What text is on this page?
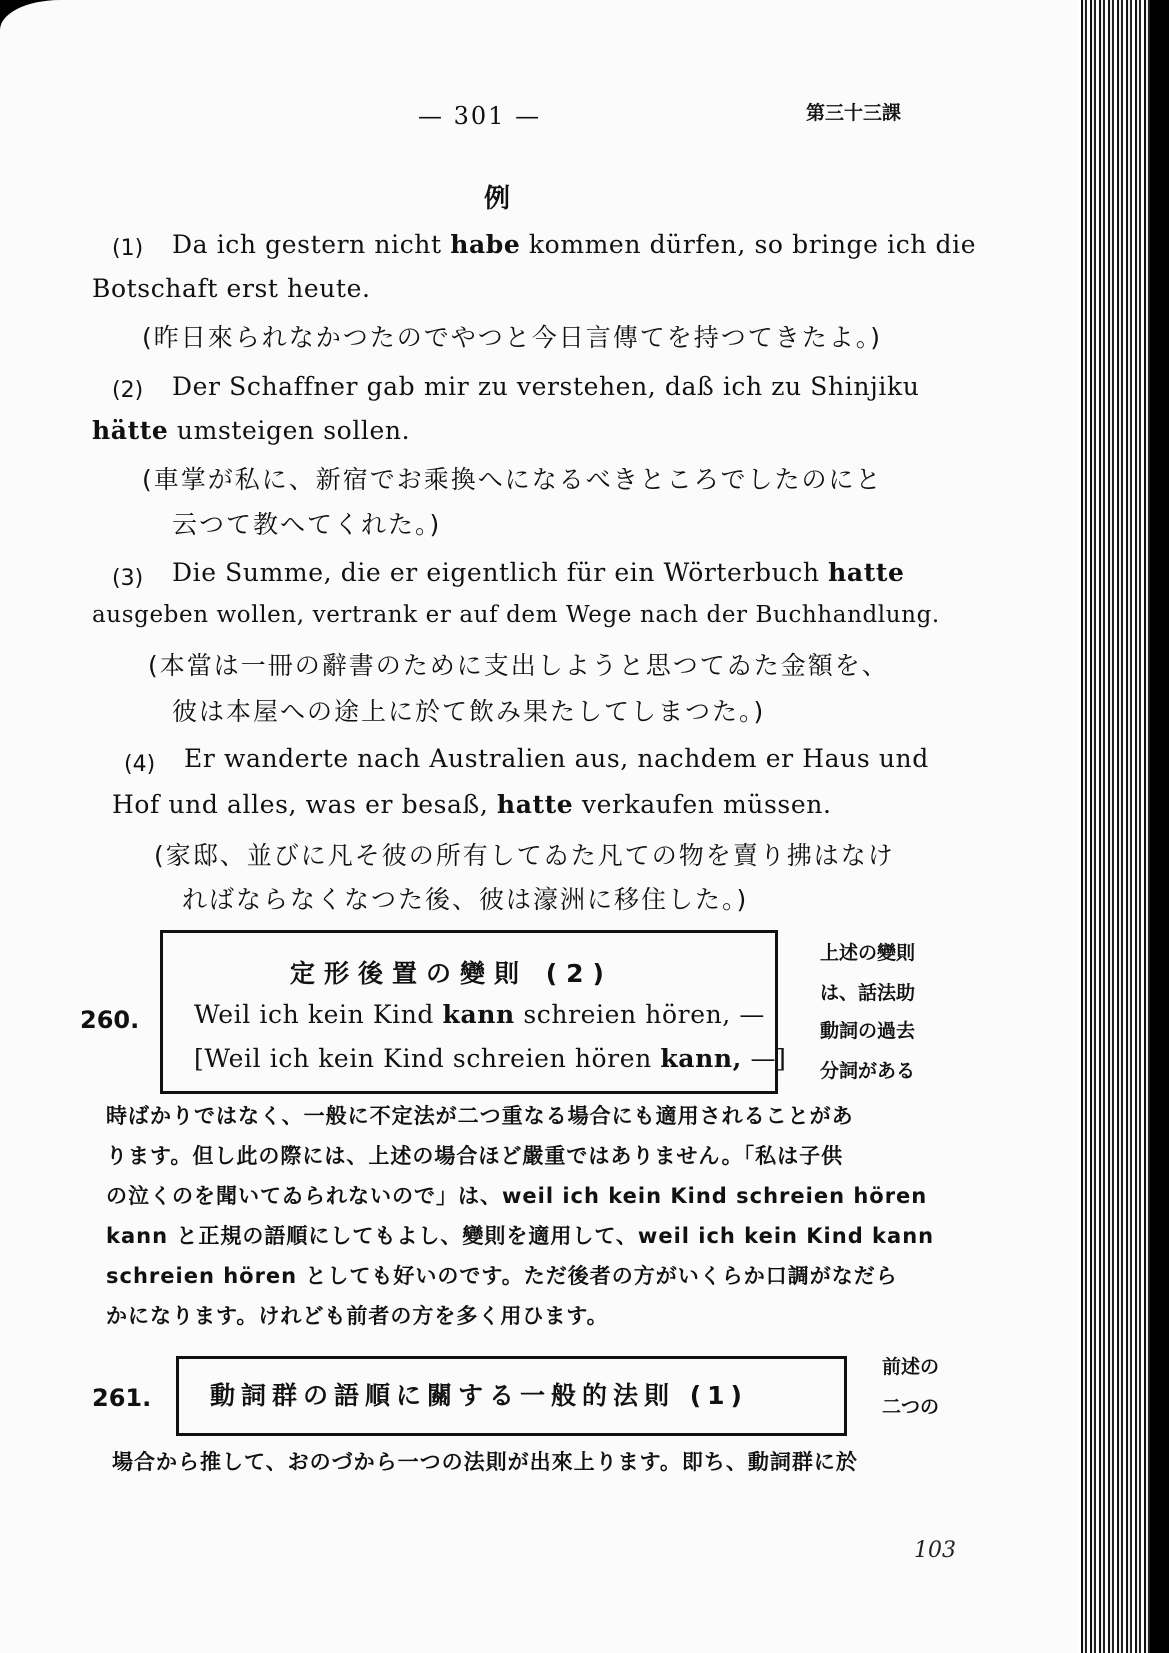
— 301 —	第三十三課
例
(1) Da ich gestern nicht habe kommen dürfen, so bringe ich die
Botschaft erst heute.
(昨日來られなかつたのでやつと今日言傳てを持つてきたよ。)
(2) Der Schaffner gab mir zu verstehen, daß ich zu Shinjiku
hätte umsteigen sollen.
(車掌が私に、新宿でお乘換へになるべきところでしたのにと
云つて教へてくれた。)
(3) Die Summe, die er eigentlich für ein Wörterbuch hatte
ausgeben wollen, vertrank er auf dem Wege nach der Buchhandlung.
(本當は一冊の辭書のために支出しようと思つてゐた金額を、
彼は本屋への途上に於て飲み果たしてしまつた。)
(4) Er wanderte nach Australien aus, nachdem er Haus und
Hof und alles, was er besaß, hatte verkaufen müssen.
(家邸、並びに凡そ彼の所有してゐた凡ての物を賣り拂はなけ
ればならなくなつた後、彼は濠洲に移住した。)
260.
定形後置の變則 (2)
Weil ich kein Kind kann schreien hören, —
[Weil ich kein Kind schreien hören kann, —]
上述の變則
は、話法助
動詞の過去
分詞がある
時ばかりではなく、一般に不定法が二つ重なる場合にも適用されることがあ
ります。但し此の際には、上述の場合ほど嚴重ではありません。「私は子供
の泣くのを聞いてゐられないので」は、weil ich kein Kind schreien hören
kann と正規の語順にしてもよし、變則を適用して、weil ich kein Kind kann
schreien hören としても好いのです。ただ後者の方がいくらか口調がなだら
かになります。けれども前者の方を多く用ひます。
261. 動詞群の語順に關する一般的法則 (1)
前述の
二つの
場合から推して、おのづから一つの法則が出來上ります。即ち、動詞群に於
103
